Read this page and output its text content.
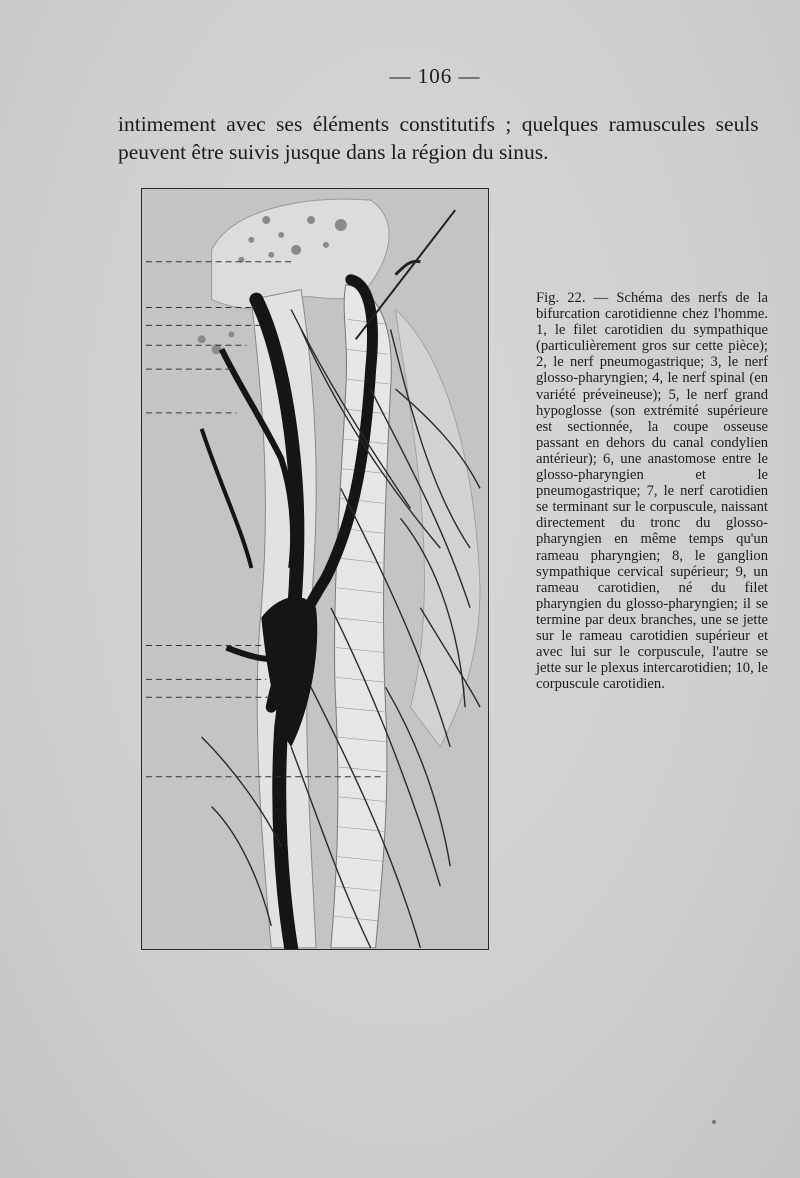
— 106 —
intimement avec ses éléments constitutifs ; quelques ramuscules seuls
peuvent être suivis jusque dans la région du sinus.
Fig. 22. — Schéma des nerfs de la bifurcation carotidienne chez l'homme. 1, le filet carotidien du sympathique (particulièrement gros sur cette pièce); 2, le nerf pneumogastrique; 3, le nerf glosso-pharyngien; 4, le nerf spinal (en variété préveineuse); 5, le nerf grand hypoglosse (son extrémité supérieure est sectionnée, la coupe osseuse passant en dehors du canal condylien antérieur); 6, une anastomose entre le glosso-pharyngien et le pneumogastrique; 7, le nerf carotidien se terminant sur le corpuscule, naissant directement du tronc du glosso-pharyngien en même temps qu'un rameau pharyngien; 8, le ganglion sympathique cervical supérieur; 9, un rameau carotidien, né du filet pharyngien du glosso-pharyngien; il se termine par deux branches, une se jette sur le rameau carotidien supérieur et avec lui sur le corpuscule, l'autre se jette sur le plexus intercarotidien; 10, le corpuscule carotidien.
